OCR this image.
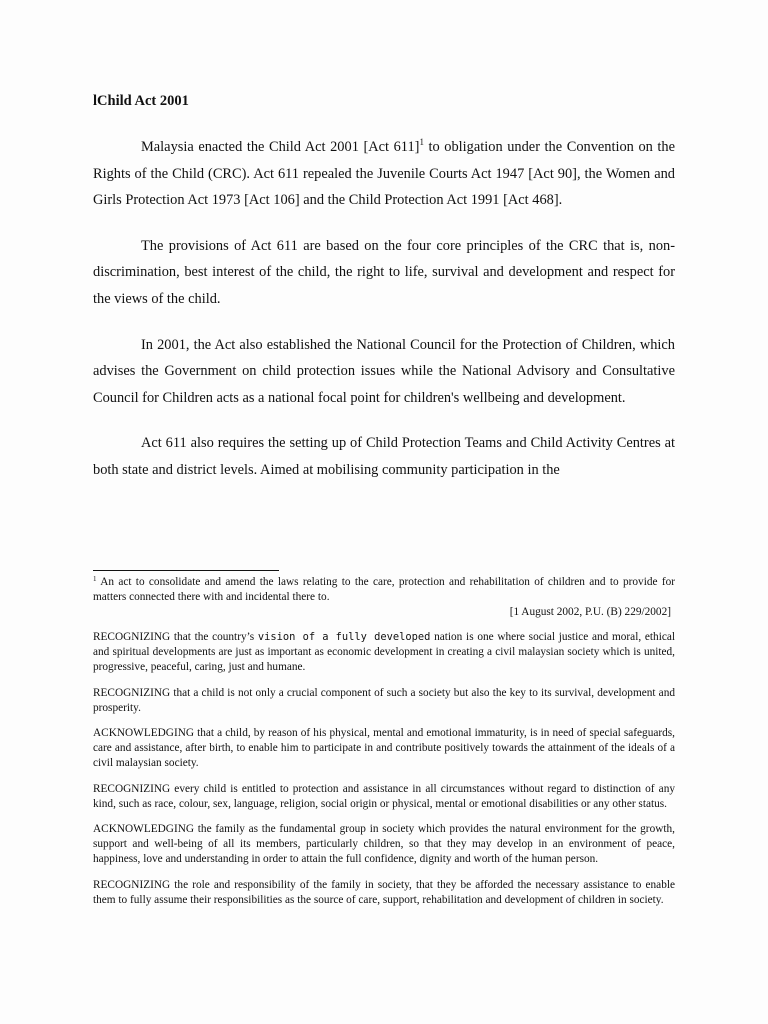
lChild Act 2001

Malaysia enacted the Child Act 2001 [Act 611]$^1$ to obligation under the Convention on the Rights of the Child (CRC). Act 611 repealed the Juvenile Courts Act 1947 [Act 90], the Women and Girls Protection Act 1973 [Act 106] and the Child Protection Act 1991 [Act 468].

The provisions of Act 611 are based on the four core principles of the CRC that is, non-discrimination, best interest of the child, the right to life, survival and development and respect for the views of the child.

In 2001, the Act also established the National Council for the Protection of Children, which advises the Government on child protection issues while the National Advisory and Consultative Council for Children acts as a national focal point for children's wellbeing and development.

Act 611 also requires the setting up of Child Protection Teams and Child Activity Centres at both state and district levels. Aimed at mobilising community participation in the

$^1$ An act to consolidate and amend the laws relating to the care, protection and rehabilitation of children and to provide for matters connected there with and incidental there to.

[1 August 2002, P.U. (B) 229/2002]

RECOGNIZING that the country’s vision of a fully developed nation is one where social justice and moral, ethical and spiritual developments are just as important as economic development in creating a civil malaysian society which is united, progressive, peaceful, caring, just and humane.

RECOGNIZING that a child is not only a crucial component of such a society but also the key to its survival, development and prosperity.

ACKNOWLEDGING that a child, by reason of his physical, mental and emotional immaturity, is in need of special safeguards, care and assistance, after birth, to enable him to participate in and contribute positively towards the attainment of the ideals of a civil malaysian society.

RECOGNIZING every child is entitled to protection and assistance in all circumstances without regard to distinction of any kind, such as race, colour, sex, language, religion, social origin or physical, mental or emotional disabilities or any other status.

ACKNOWLEDGING the family as the fundamental group in society which provides the natural environment for the growth, support and well-being of all its members, particularly children, so that they may develop in an environment of peace, happiness, love and understanding in order to attain the full confidence, dignity and worth of the human person.

RECOGNIZING the role and responsibility of the family in society, that they be afforded the necessary assistance to enable them to fully assume their responsibilities as the source of care, support, rehabilitation and development of children in society.
